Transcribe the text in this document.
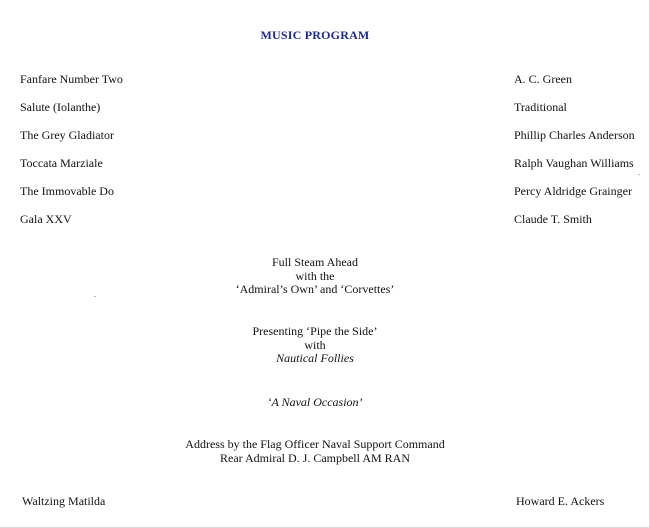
MUSIC PROGRAM
Fanfare Number Two	A. C. Green
Salute (Iolanthe)	Traditional
The Grey Gladiator	Phillip Charles Anderson
Toccata Marziale	Ralph Vaughan Williams
The Immovable Do	Percy Aldridge Grainger
Gala XXV	Claude T. Smith
Full Steam Ahead
with the
‘Admiral’s Own’ and ‘Corvettes’
Presenting ‘Pipe the Side’
with
Nautical Follies
‘A Naval Occasion’
Address by the Flag Officer Naval Support Command
Rear Admiral D. J. Campbell AM RAN
Waltzing Matilda	Howard E. Ackers
